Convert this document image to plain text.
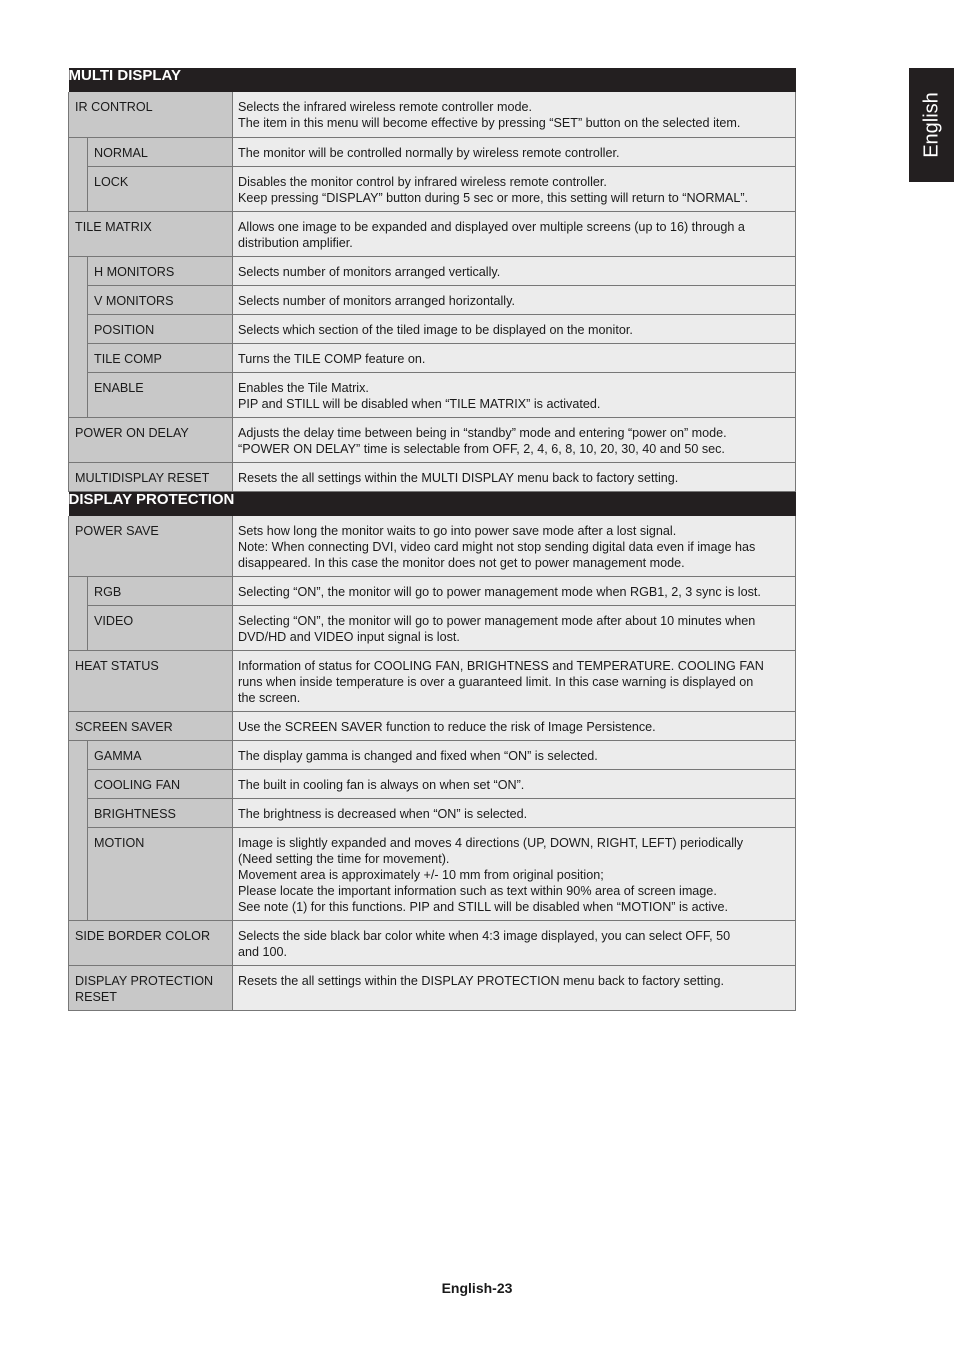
English
MULTI DISPLAY		
IR CONTROL		Selects the infrared wireless remote controller mode.
The item in this menu will become effective by pressing “SET” button on the selected item.

	NORMAL	The monitor will be controlled normally by wireless remote controller.

	LOCK	Disables the monitor control by infrared wireless remote controller.
Keep pressing “DISPLAY” button during 5 sec or more, this setting will return to “NORMAL”.

TILE MATRIX		Allows one image to be expanded and displayed over multiple screens (up to 16) through a
distribution amplifier.

	H MONITORS	Selects number of monitors arranged vertically.

	V MONITORS	Selects number of monitors arranged horizontally.

	POSITION	Selects which section of the tiled image to be displayed on the monitor.

	TILE COMP	Turns the TILE COMP feature on.

	ENABLE	Enables the Tile Matrix.
PIP and STILL will be disabled when “TILE MATRIX” is activated.

POWER ON DELAY		Adjusts the delay time between being in “standby” mode and entering “power on” mode.
“POWER ON DELAY” time is selectable from OFF, 2, 4, 6, 8, 10, 20, 30, 40 and 50 sec.

MULTIDISPLAY RESET		Resets the all settings within the MULTI DISPLAY menu back to factory setting.

DISPLAY PROTECTION		
POWER SAVE		Sets how long the monitor waits to go into power save mode after a lost signal.
Note: When connecting DVI, video card might not stop sending digital data even if image has
disappeared. In this case the monitor does not get to power management mode.

	RGB	Selecting “ON”, the monitor will go to power management mode when RGB1, 2, 3 sync is lost.

	VIDEO	Selecting “ON”, the monitor will go to power management mode after about 10 minutes when
DVD/HD and VIDEO input signal is lost.

HEAT STATUS		Information of status for COOLING FAN, BRIGHTNESS and TEMPERATURE. COOLING FAN
runs when inside temperature is over a guaranteed limit. In this case warning is displayed on
the screen.

SCREEN SAVER		Use the SCREEN SAVER function to reduce the risk of Image Persistence.

	GAMMA	The display gamma is changed and fixed when “ON” is selected.

	COOLING FAN	The built in cooling fan is always on when set “ON”.

	BRIGHTNESS	The brightness is decreased when “ON” is selected.

	MOTION	Image is slightly expanded and moves 4 directions (UP, DOWN, RIGHT, LEFT) periodically
(Need setting the time for movement).
Movement area is approximately +/- 10 mm from original position;
Please locate the important information such as text within 90% area of screen image.
See note (1) for this functions. PIP and STILL will be disabled when “MOTION” is active.

SIDE BORDER COLOR		Selects the side black bar color white when 4:3 image displayed, you can select OFF, 50
and 100.

DISPLAY PROTECTION RESET		Resets the all settings within the DISPLAY PROTECTION menu back to factory setting.
English-23
